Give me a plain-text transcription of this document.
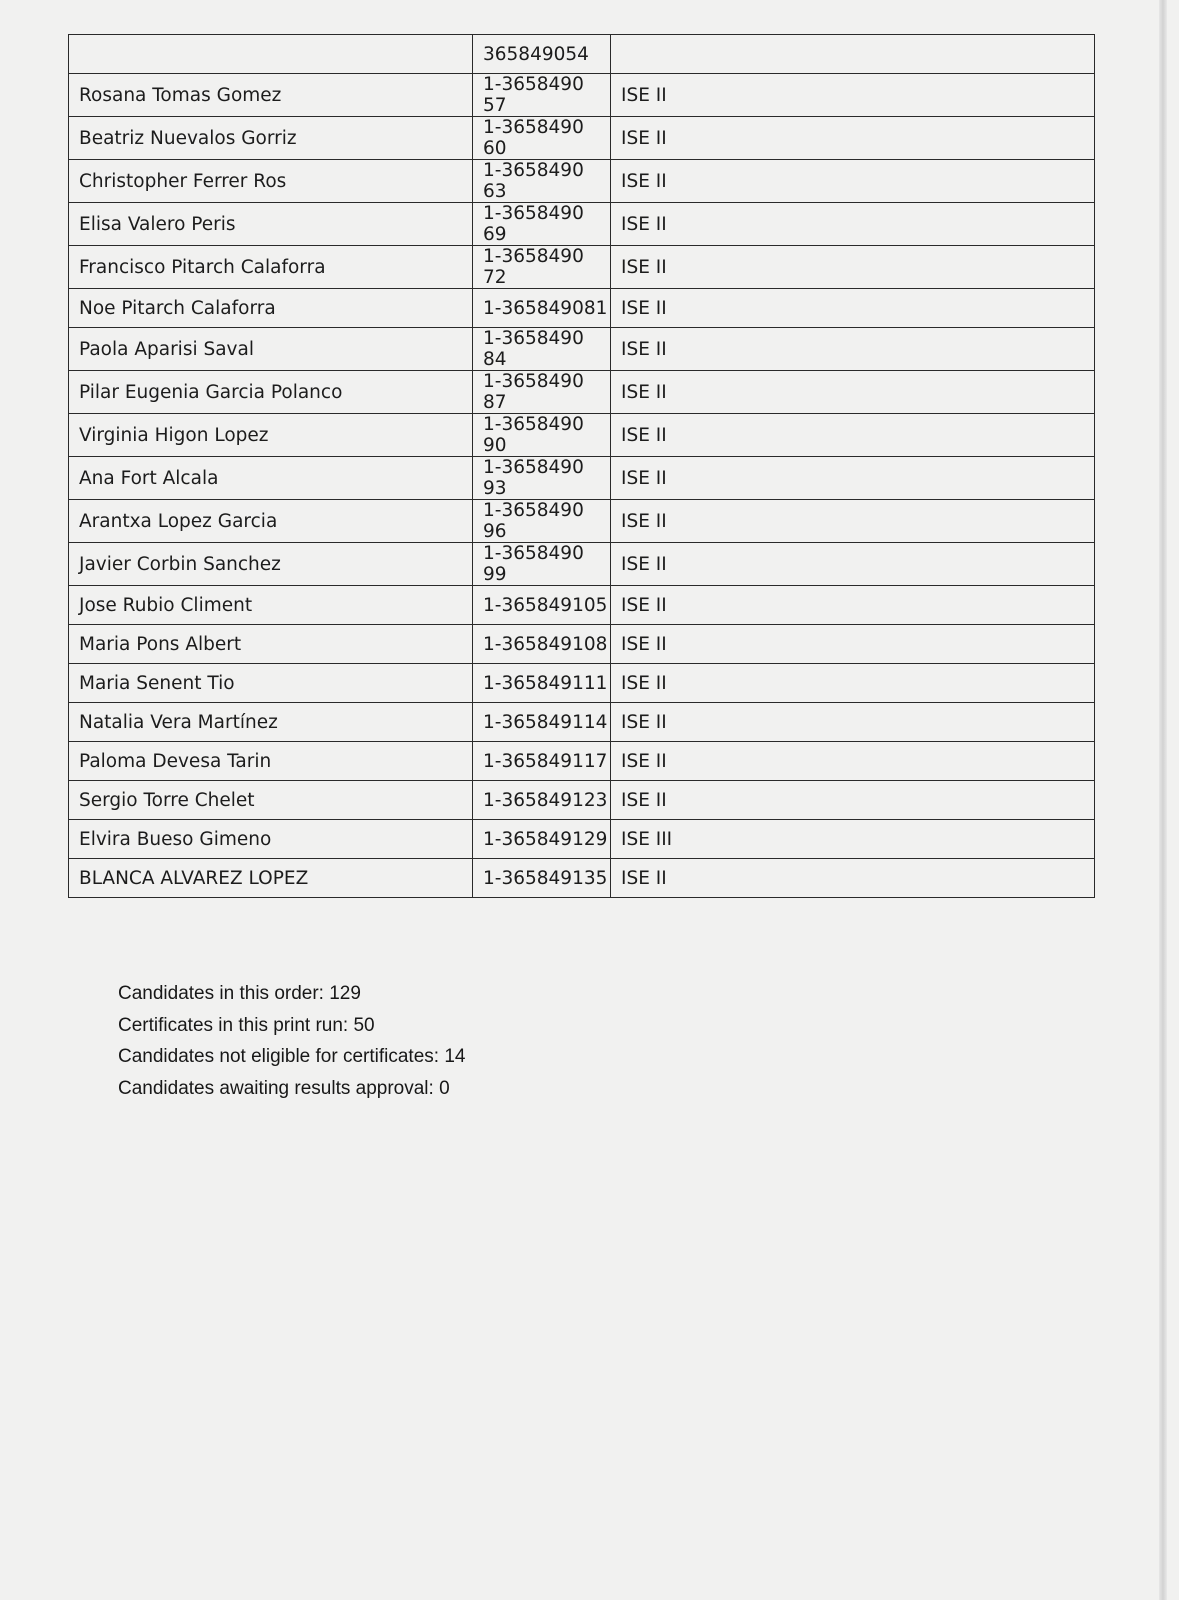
	365849054	
Rosana Tomas Gomez	1-365849057	ISE II
Beatriz Nuevalos Gorriz	1-365849060	ISE II
Christopher Ferrer Ros	1-365849063	ISE II
Elisa Valero Peris	1-365849069	ISE II
Francisco Pitarch Calaforra	1-365849072	ISE II
Noe Pitarch Calaforra	1-365849081	ISE II
Paola Aparisi Saval	1-365849084	ISE II
Pilar Eugenia Garcia Polanco	1-365849087	ISE II
Virginia Higon Lopez	1-365849090	ISE II
Ana Fort Alcala	1-365849093	ISE II
Arantxa Lopez Garcia	1-365849096	ISE II
Javier Corbin Sanchez	1-365849099	ISE II
Jose Rubio Climent	1-365849105	ISE II
Maria Pons Albert	1-365849108	ISE II
Maria Senent Tio	1-365849111	ISE II
Natalia Vera Martínez	1-365849114	ISE II
Paloma Devesa Tarin	1-365849117	ISE II
Sergio Torre Chelet	1-365849123	ISE II
Elvira Bueso Gimeno	1-365849129	ISE III
BLANCA ALVAREZ LOPEZ	1-365849135	ISE II
Candidates in this order: 129
Certificates in this print run: 50
Candidates not eligible for certificates: 14
Candidates awaiting results approval: 0
